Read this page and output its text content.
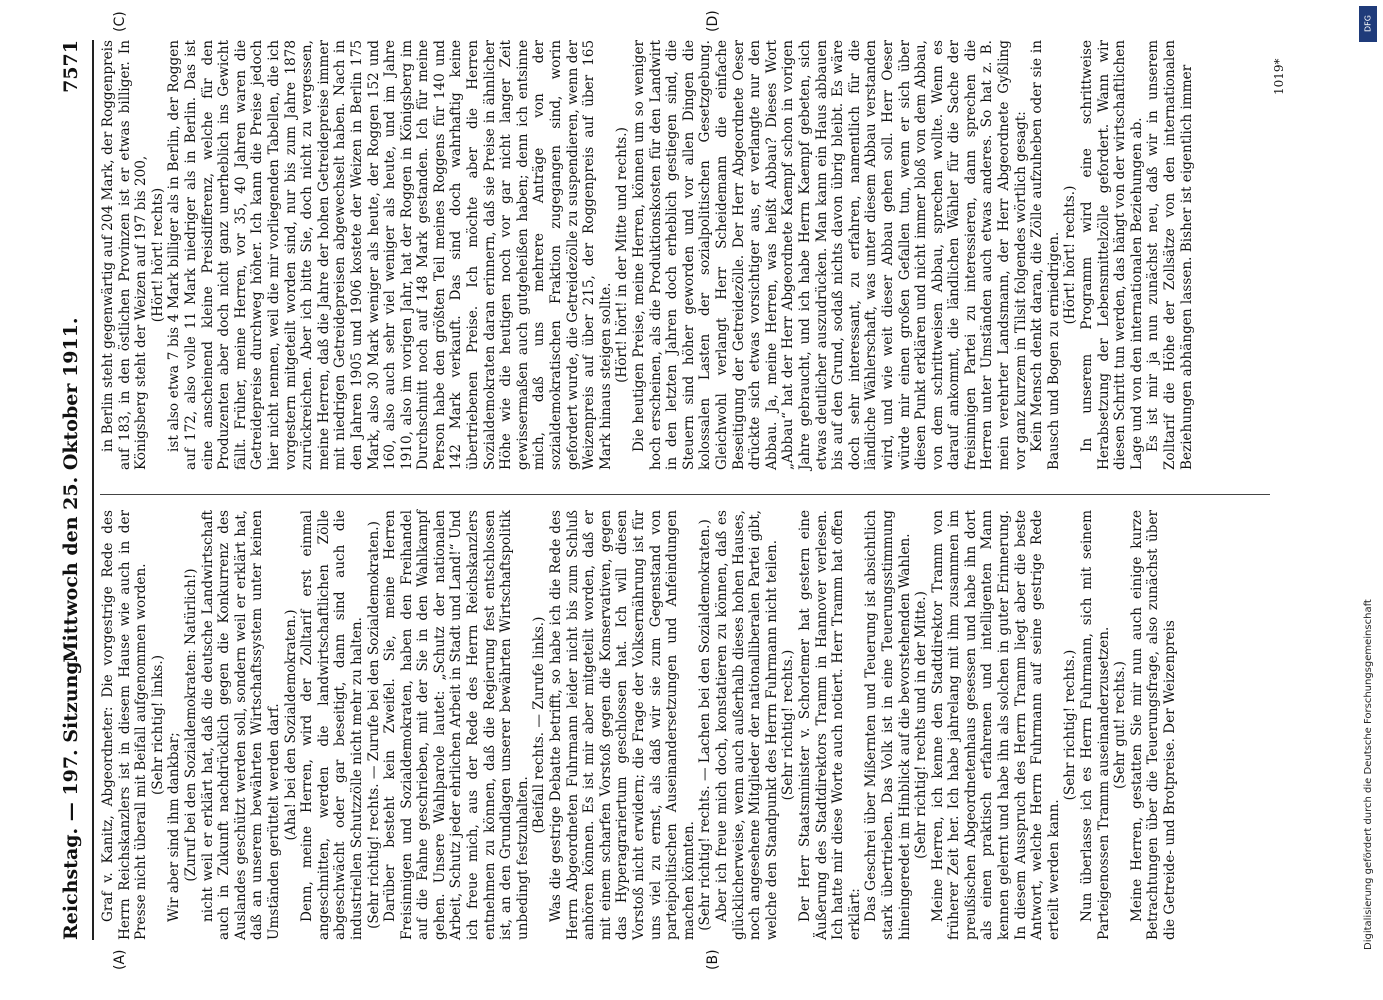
DFG
Digitalisierung gefördert durch die Deutsche Forschungsgemeinschaft
Reichstag. — 197. Sitzung.
Mittwoch den 25. Oktober 1911.
7571
(A)	(B)
(C)	(D)

Graf v. Kanitz, Abgeordneter: Die vorgestrige Rede des Herrn Reichskanzlers ist in diesem Hause wie auch in der Presse nicht überall mit Beifall aufgenommen worden. (Sehr richtig! links.)

Wir aber sind ihm dankbar; (Zuruf bei den Sozialdemokraten: Natürlich!) nicht weil er erklärt hat, daß die deutsche Landwirtschaft auch in Zukunft nachdrücklich gegen die Konkurrenz des Auslandes geschützt werden soll, sondern weil er erklärt hat, daß an unserem bewährten Wirtschaftssystem unter keinen Umständen gerüttelt werden darf. (Aha! bei den Sozialdemokraten.) Denn, meine Herren, wird der Zolltarif erst einmal angeschnitten, werden die landwirtschaftlichen Zölle abgeschwächt oder gar beseitigt, dann sind auch die industriellen Schutzzölle nicht mehr zu halten. (Sehr richtig! rechts. — Zurufe bei den Sozialdemokraten.) Darüber besteht kein Zweifel. Sie, meine Herren Freisinnigen und Sozialdemokraten, haben den Freihandel auf die Fahne geschrieben, mit der Sie in den Wahlkampf gehen. Unsere Wahlparole lautet: „Schutz der nationalen Arbeit, Schutz jeder ehrlichen Arbeit in Stadt und Land!“ Und ich freue mich, aus der Rede des Herrn Reichskanzlers entnehmen zu können, daß die Regierung fest entschlossen ist, an den Grundlagen unserer bewährten Wirtschaftspolitik unbedingt festzuhalten.

(Beifall rechts. — Zurufe links.) Was die gestrige Debatte betrifft, so habe ich die Rede des Herrn Abgeordneten Fuhrmann leider nicht bis zum Schluß anhören können. Es ist mir aber mitgeteilt worden, daß er mit einem scharfen Vorstoß gegen die Konservativen, gegen das Hyperagrariertum geschlossen hat. Ich will diesen Vorstoß nicht erwidern; die Frage der Volksernährung ist für uns viel zu ernst, als daß wir sie zum Gegenstand von parteipolitischen Auseinandersetzungen und Anfeindungen machen könnten. (Sehr richtig! rechts. — Lachen bei den Sozialdemokraten.) Aber ich freue mich doch, konstatieren zu können, daß es glücklicherweise, wenn auch außerhalb dieses hohen Hauses, noch angesehene Mitglieder der nationalliberalen Partei gibt, welche den Standpunkt des Herrn Fuhrmann nicht teilen. (Sehr richtig! rechts.) Der Herr Staatsminister v. Schorlemer hat gestern eine Äußerung des Stadtdirektors Tramm in Hannover verlesen. Ich hatte mir diese Worte auch notiert. Herr Tramm hat offen erklärt: Das Geschrei über Mißernten und Teuerung ist absichtlich stark übertrieben. Das Volk ist in eine Teuerungsstimmung hineingeredet im Hinblick auf die bevorstehenden Wahlen. (Sehr richtig! rechts und in der Mitte.) Meine Herren, ich kenne den Stadtdirektor Tramm von früherer Zeit her. Ich habe jahrelang mit ihm zusammen im preußischen Abgeordnetenhaus gesessen und habe ihn dort als einen praktisch erfahrenen und intelligenten Mann kennen gelernt und habe ihn als solchen in guter Erinnerung. In diesem Ausspruch des Herrn Tramm liegt aber die beste Antwort, welche Herrn Fuhrmann auf seine gestrige Rede erteilt werden kann.

(Sehr richtig! rechts.) Nun überlasse ich es Herrn Fuhrmann, sich mit seinem Parteigenossen Tramm auseinanderzusetzen. (Sehr gut! rechts.) Meine Herren, gestatten Sie mir nun auch einige kurze Betrachtungen über die Teuerungsfrage, also zunächst über die Getreide- und Brotpreise. Der Weizenpreis

in Berlin steht gegenwärtig auf 204 Mark, der Roggenpreis auf 183, in den östlichen Provinzen ist er etwas billiger. In Königsberg steht der Weizen auf 197 bis 200, (Hört! hört! rechts) ist also etwa 7 bis 4 Mark billiger als in Berlin, der Roggen auf 172, also volle 11 Mark niedriger als in Berlin. Das ist eine anscheinend kleine Preisdifferenz, welche für den Produzenten aber doch nicht ganz unerheblich ins Gewicht fällt. Früher, meine Herren, vor 35, 40 Jahren waren die Getreidepreise durchweg höher. Ich kann die Preise jedoch hier nicht nennen, weil die mir vorliegenden Tabellen, die ich vorgestern mitgeteilt worden sind, nur bis zum Jahre 1878 zurückreichen. Aber ich bitte Sie, doch nicht zu vergessen, meine Herren, daß die Jahre der hohen Getreidepreise immer mit niedrigen Getreidepreisen abgewechselt haben. Nach in den Jahren 1905 und 1906 kostete der Weizen in Berlin 175 Mark, also 30 Mark weniger als heute, der Roggen 152 und 160, also auch sehr viel weniger als heute, und im Jahre 1910, also im vorigen Jahr, hat der Roggen in Königsberg im Durchschnitt noch auf 148 Mark gestanden. Ich für meine Person habe den größten Teil meines Roggens für 140 und 142 Mark verkauft. Das sind doch wahrhaftig keine übertriebenen Preise. Ich möchte aber die Herren Sozialdemokraten daran erinnern, daß sie Preise in ähnlicher Höhe wie die heutigen noch vor gar nicht langer Zeit gewissermaßen auch gutgeheißen haben; denn ich entsinne mich, daß uns mehrere Anträge von der sozialdemokratischen Fraktion zugegangen sind, worin gefordert wurde, die Getreidezölle zu suspendieren, wenn der Weizenpreis auf über 215, der Roggenpreis auf über 165 Mark hinaus steigen sollte. (Hört! hört! in der Mitte und rechts.) Die heutigen Preise, meine Herren, können um so weniger hoch erscheinen, als die Produktionskosten für den Landwirt in den letzten Jahren doch erheblich gestiegen sind, die Steuern sind höher geworden und vor allen Dingen die kolossalen Lasten der sozialpolitischen Gesetzgebung. Gleichwohl verlangt Herr Scheidemann die einfache Beseitigung der Getreidezölle. Der Herr Abgeordnete Oeser drückte sich etwas vorsichtiger aus, er verlangte nur den Abbau. Ja, meine Herren, was heißt Abbau? Dieses Wort „Abbau“ hat der Herr Abgeordnete Kaempf schon in vorigen Jahre gebraucht, und ich habe Herrn Kaempf gebeten, sich etwas deutlicher auszudrücken. Man kann ein Haus abbauen bis auf den Grund, sodaß nichts davon übrig bleibt. Es wäre doch sehr interessant, zu erfahren, namentlich für die ländliche Wählerschaft, was unter diesem Abbau verstanden wird, und wie weit dieser Abbau gehen soll. Herr Oeser würde mir einen großen Gefallen tun, wenn er sich über diesen Punkt erklären und nicht immer bloß von dem Abbau, von dem schrittweisen Abbau, sprechen wollte. Wenn es darauf ankommt, die ländlichen Wähler für die Sache der freisinnigen Partei zu interessieren, dann sprechen die Herren unter Umständen auch etwas anderes. So hat z. B. mein verehrter Landsmann, der Herr Abgeordnete Gyßling vor ganz kurzem in Tilsit folgendes wörtlich gesagt: Kein Mensch denkt daran, die Zölle aufzuheben oder sie in Bausch und Bogen zu erniedrigen. (Hört! hört! rechts.) In unserem Programm wird eine schrittweise Herabsetzung der Lebensmittelzölle gefordert. Wann wir diesen Schritt tun werden, das hängt von der wirtschaftlichen Lage und von den internationalen Beziehungen ab. Es ist mir ja nun zunächst neu, daß wir in unserem Zolltarif die Höhe der Zollsätze von den internationalen Beziehungen abhängen lassen. Bisher ist eigentlich immer	1019*
